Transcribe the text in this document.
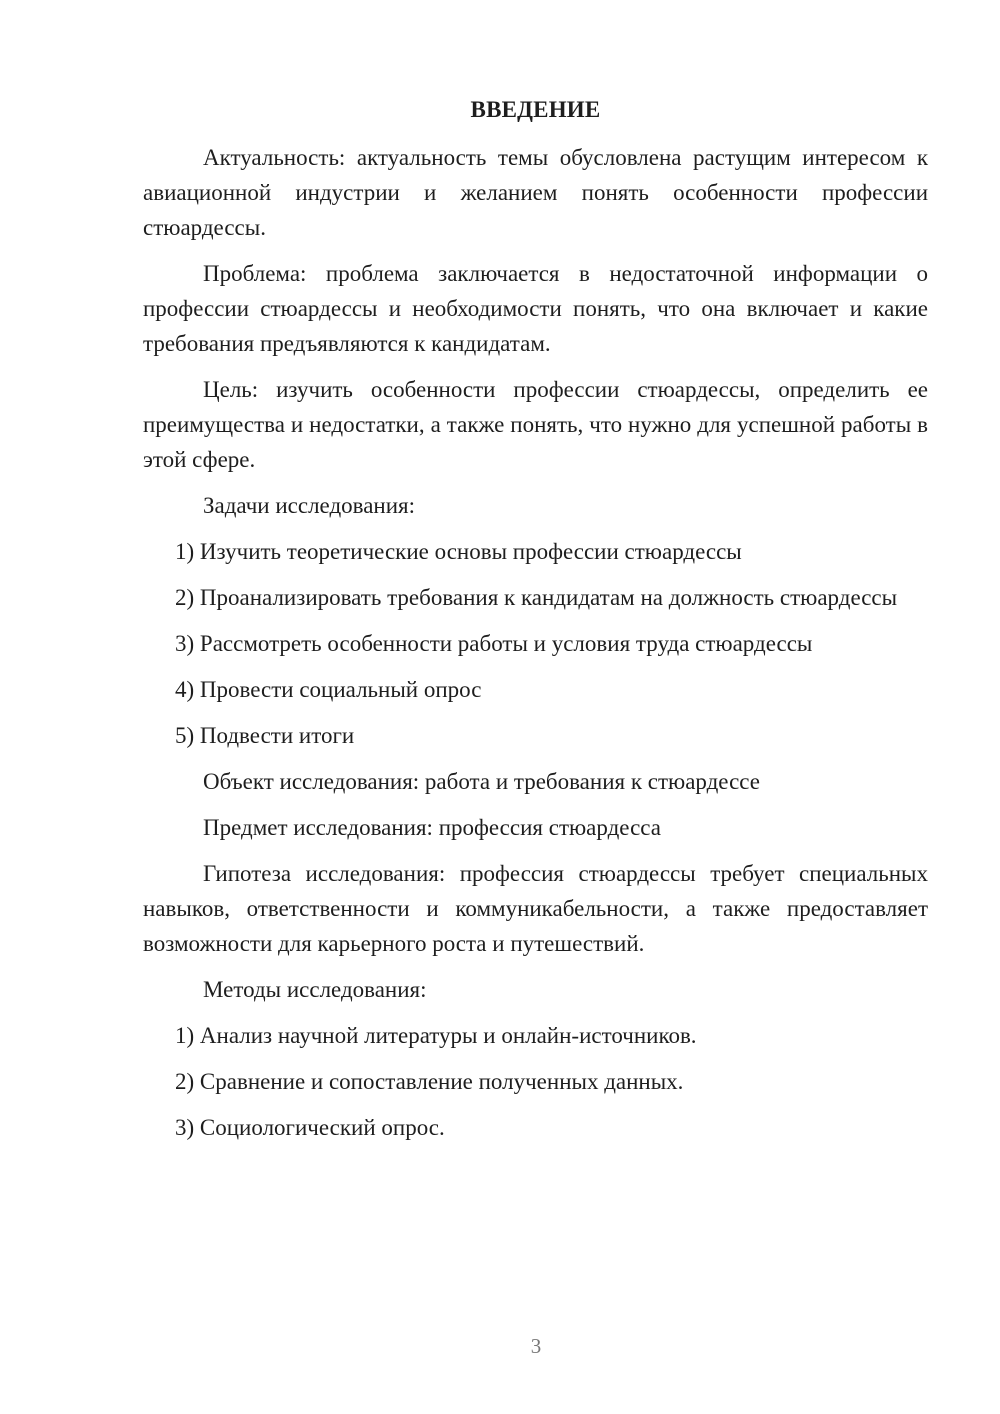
ВВЕДЕНИЕ

Актуальность: актуальность темы обусловлена растущим интересом к авиационной индустрии и желанием понять особенности профессии стюардессы.

Проблема: проблема заключается в недостаточной информации о профессии стюардессы и необходимости понять, что она включает и какие требования предъявляются к кандидатам.

Цель: изучить особенности профессии стюардессы, определить ее преимущества и недостатки, а также понять, что нужно для успешной работы в этой сфере.

Задачи исследования:

1) Изучить теоретические основы профессии стюардессы

2) Проанализировать требования к кандидатам на должность стюардессы

3) Рассмотреть особенности работы и условия труда стюардессы

4) Провести социальный опрос

5) Подвести итоги

Объект исследования: работа и требования к стюардессе

Предмет исследования: профессия стюардесса

Гипотеза исследования: профессия стюардессы требует специальных навыков, ответственности и коммуникабельности, а также предоставляет возможности для карьерного роста и путешествий.

Методы исследования:

1) Анализ научной литературы и онлайн-источников.

2) Сравнение и сопоставление полученных данных.

3) Социологический опрос.

3
